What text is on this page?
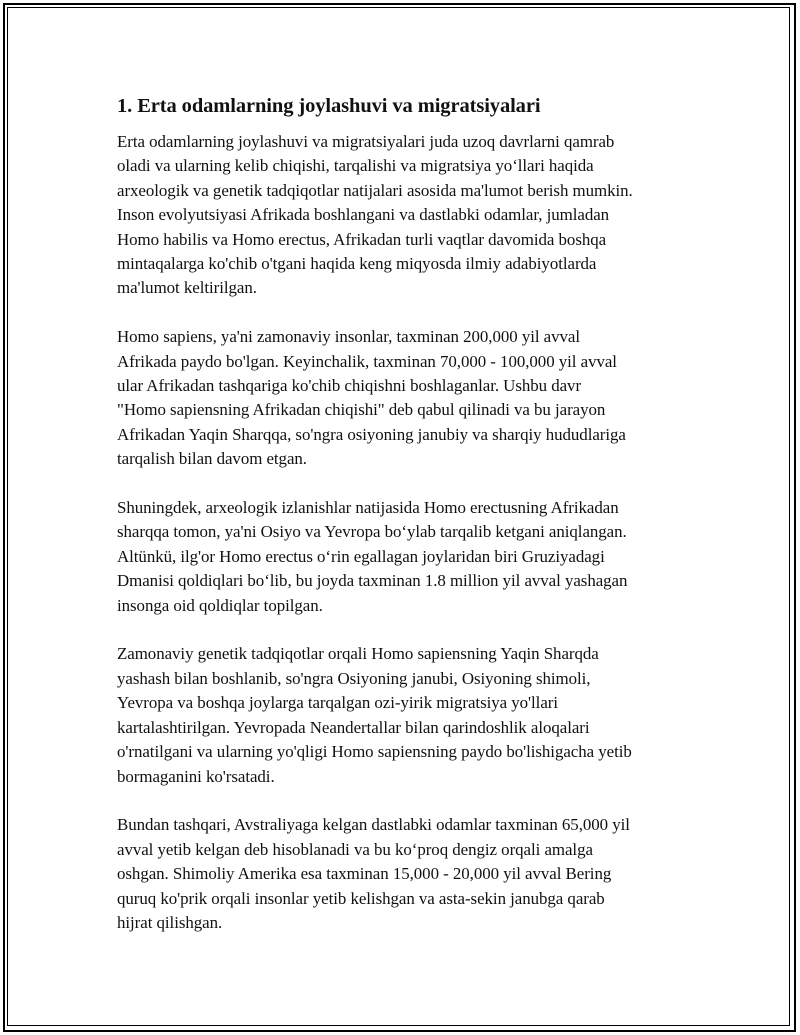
1. Erta odamlarning joylashuvi va migratsiyalari

Erta odamlarning joylashuvi va migratsiyalari juda uzoq davrlarni qamrab
oladi va ularning kelib chiqishi, tarqalishi va migratsiya yo‘llari haqida
arxeologik va genetik tadqiqotlar natijalari asosida ma'lumot berish mumkin.
Inson evolyutsiyasi Afrikada boshlangani va dastlabki odamlar, jumladan
Homo habilis va Homo erectus, Afrikadan turli vaqtlar davomida boshqa
mintaqalarga ko'chib o'tgani haqida keng miqyosda ilmiy adabiyotlarda
ma'lumot keltirilgan.

Homo sapiens, ya'ni zamonaviy insonlar, taxminan 200,000 yil avval
Afrikada paydo bo'lgan. Keyinchalik, taxminan 70,000 - 100,000 yil avval
ular Afrikadan tashqariga ko'chib chiqishni boshlaganlar. Ushbu davr
"Homo sapiensning Afrikadan chiqishi" deb qabul qilinadi va bu jarayon
Afrikadan Yaqin Sharqqa, so'ngra osiyoning janubiy va sharqiy hududlariga
tarqalish bilan davom etgan.

Shuningdek, arxeologik izlanishlar natijasida Homo erectusning Afrikadan
sharqqa tomon, ya'ni Osiyo va Yevropa bo‘ylab tarqalib ketgani aniqlangan.
Altünkü, ilg'or Homo erectus o‘rin egallagan joylaridan biri Gruziyadagi
Dmanisi qoldiqlari bo‘lib, bu joyda taxminan 1.8 million yil avval yashagan
insonga oid qoldiqlar topilgan.

Zamonaviy genetik tadqiqotlar orqali Homo sapiensning Yaqin Sharqda
yashash bilan boshlanib, so'ngra Osiyoning janubi, Osiyoning shimoli,
Yevropa va boshqa joylarga tarqalgan ozi-yirik migratsiya yo'llari
kartalashtirilgan. Yevropada Neandertallar bilan qarindoshlik aloqalari
o'rnatilgani va ularning yo'qligi Homo sapiensning paydo bo'lishigacha yetib
bormaganini ko'rsatadi.

Bundan tashqari, Avstraliyaga kelgan dastlabki odamlar taxminan 65,000 yil
avval yetib kelgan deb hisoblanadi va bu ko‘proq dengiz orqali amalga
oshgan. Shimoliy Amerika esa taxminan 15,000 - 20,000 yil avval Bering
quruq ko'prik orqali insonlar yetib kelishgan va asta-sekin janubga qarab
hijrat qilishgan.
